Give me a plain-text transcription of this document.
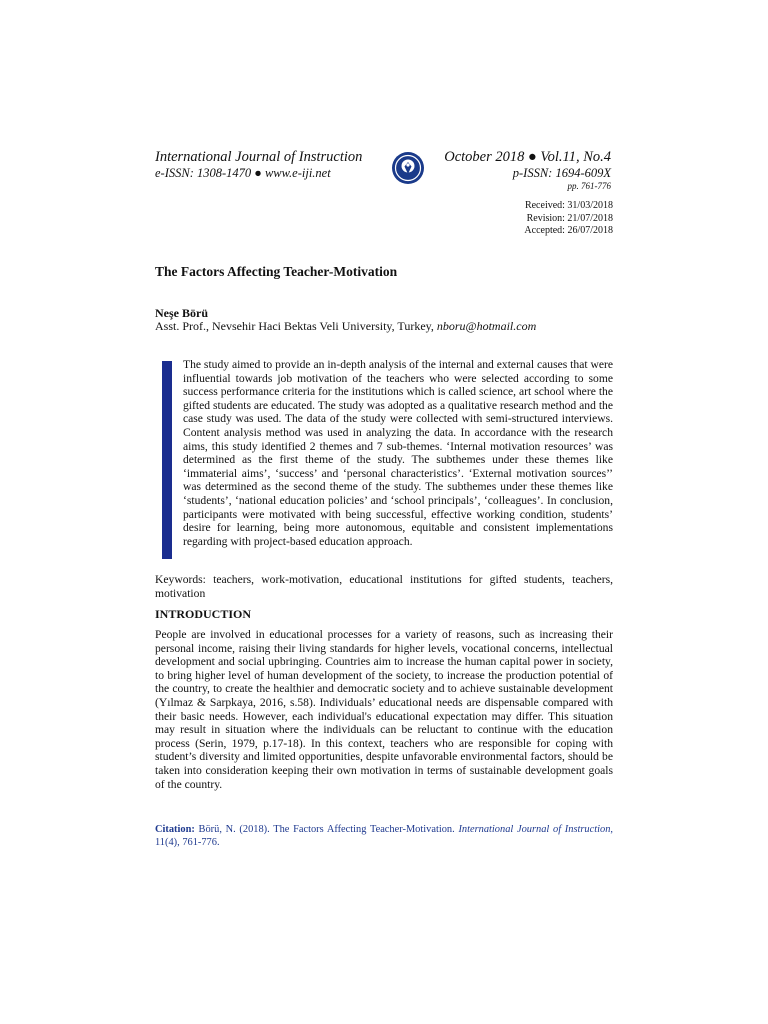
International Journal of Instruction
e-ISSN: 1308-1470 ● www.e-iji.net
October 2018 ● Vol.11, No.4
p-ISSN: 1694-609X
pp. 761-776
Received: 31/03/2018
Revision: 21/07/2018
Accepted: 26/07/2018
The Factors Affecting Teacher-Motivation
Neşe Börü
Asst. Prof., Nevsehir Haci Bektas Veli University, Turkey, nboru@hotmail.com
The study aimed to provide an in-depth analysis of the internal and external causes that were influential towards job motivation of the teachers who were selected according to some success performance criteria for the institutions which is called science, art school where the gifted students are educated. The study was adopted as a qualitative research method and the case study was used. The data of the study were collected with semi-structured interviews. Content analysis method was used in analyzing the data. In accordance with the research aims, this study identified 2 themes and 7 sub-themes. ‘Internal motivation resources’ was determined as the first theme of the study. The subthemes under these themes like ‘immaterial aims’, ‘success’ and ‘personal characteristics’. ‘External motivation sources’’ was determined as the second theme of the study. The subthemes under these themes like ‘students’, ‘national education policies’ and ‘school principals’, ‘colleagues’. In conclusion, participants were motivated with being successful, effective working condition, students’ desire for learning, being more autonomous, equitable and consistent implementations regarding with project-based education approach.
Keywords: teachers, work-motivation, educational institutions for gifted students, teachers, motivation
INTRODUCTION
People are involved in educational processes for a variety of reasons, such as increasing their personal income, raising their living standards for higher levels, vocational concerns, intellectual development and social upbringing. Countries aim to increase the human capital power in society, to bring higher level of human development of the society, to increase the production potential of the country, to create the healthier and democratic society and to achieve sustainable development (Yılmaz & Sarpkaya, 2016, s.58). Individuals’ educational needs are dispensable compared with their basic needs. However, each individual's educational expectation may differ. This situation may result in situation where the individuals can be reluctant to continue with the education process (Serin, 1979, p.17-18). In this context, teachers who are responsible for coping with student’s diversity and limited opportunities, despite unfavorable environmental factors, should be taken into consideration keeping their own motivation in terms of sustainable development goals of the country.
Citation: Börü, N. (2018). The Factors Affecting Teacher-Motivation. International Journal of Instruction, 11(4), 761-776.
